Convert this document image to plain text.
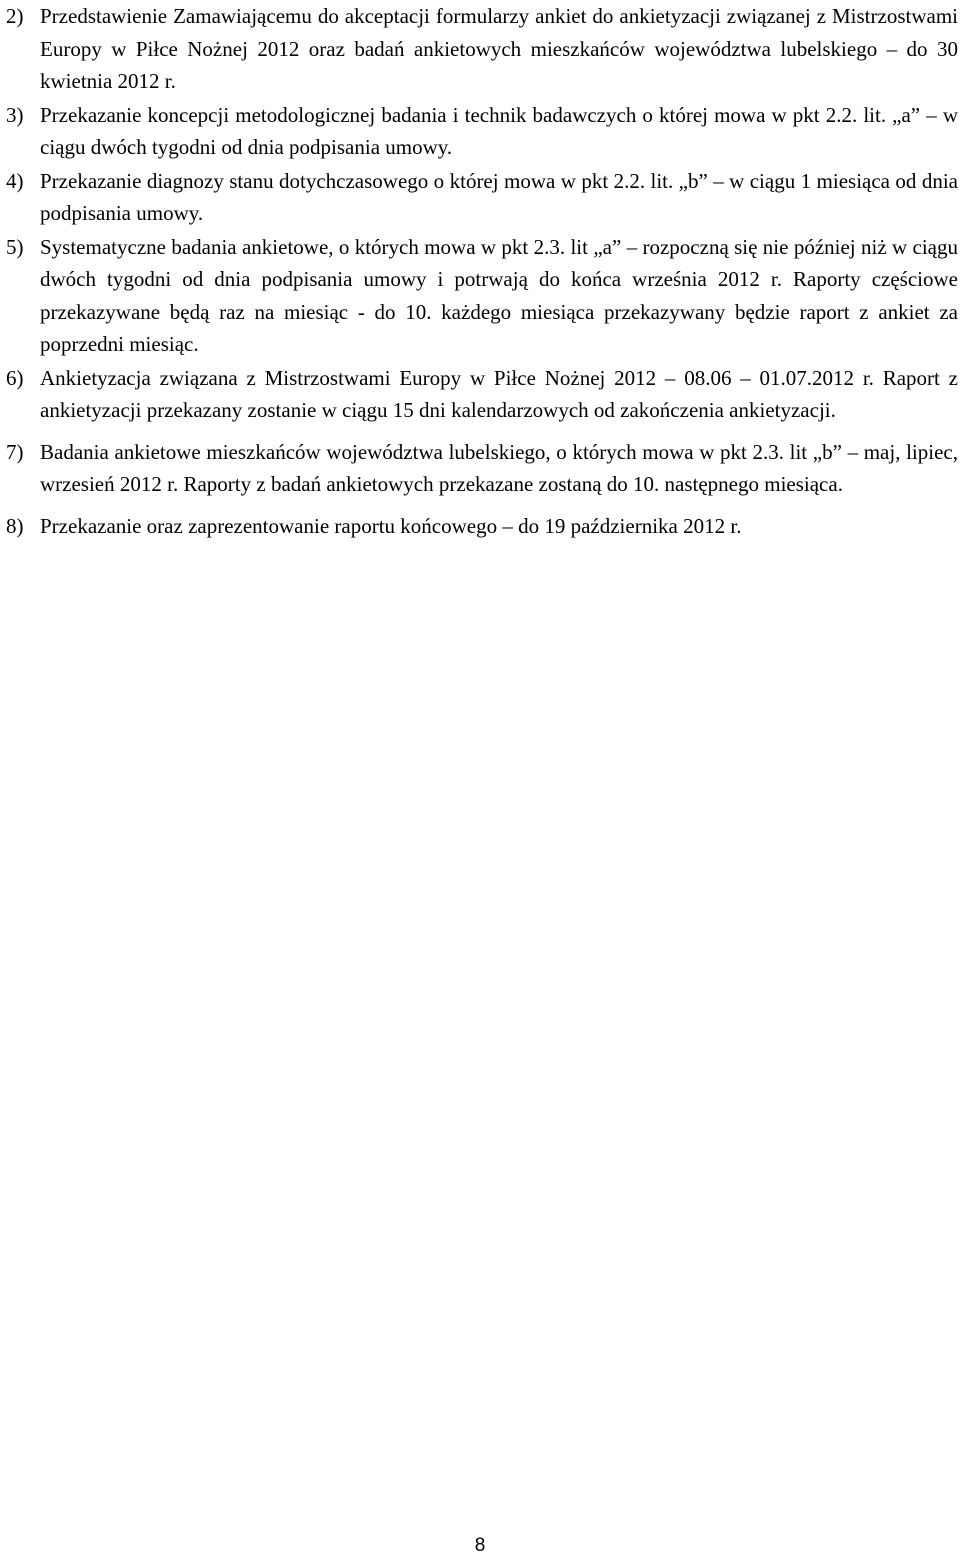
2) Przedstawienie Zamawiającemu do akceptacji formularzy ankiet do ankietyzacji związanej z Mistrzostwami Europy w Piłce Nożnej 2012 oraz badań ankietowych mieszkańców województwa lubelskiego – do 30 kwietnia 2012 r.
3) Przekazanie koncepcji metodologicznej badania i technik badawczych o której mowa w pkt 2.2. lit. „a” – w ciągu dwóch tygodni od dnia podpisania umowy.
4) Przekazanie diagnozy stanu dotychczasowego o której mowa w pkt 2.2. lit. „b” – w ciągu 1 miesiąca od dnia podpisania umowy.
5) Systematyczne badania ankietowe, o których mowa w pkt 2.3. lit „a” – rozpoczną się nie później niż w ciągu dwóch tygodni od dnia podpisania umowy i potrwają do końca września 2012 r. Raporty częściowe przekazywane będą raz na miesiąc - do 10. każdego miesiąca przekazywany będzie raport z ankiet za poprzedni miesiąc.
6) Ankietyzacja związana z Mistrzostwami Europy w Piłce Nożnej 2012 – 08.06 – 01.07.2012 r. Raport z ankietyzacji przekazany zostanie w ciągu 15 dni kalendarzowych od zakończenia ankietyzacji.
7) Badania ankietowe mieszkańców województwa lubelskiego, o których mowa w pkt 2.3. lit „b” – maj, lipiec, wrzesień 2012 r. Raporty z badań ankietowych przekazane zostaną do 10. następnego miesiąca.
8) Przekazanie oraz zaprezentowanie raportu końcowego – do 19 października 2012 r.
8
